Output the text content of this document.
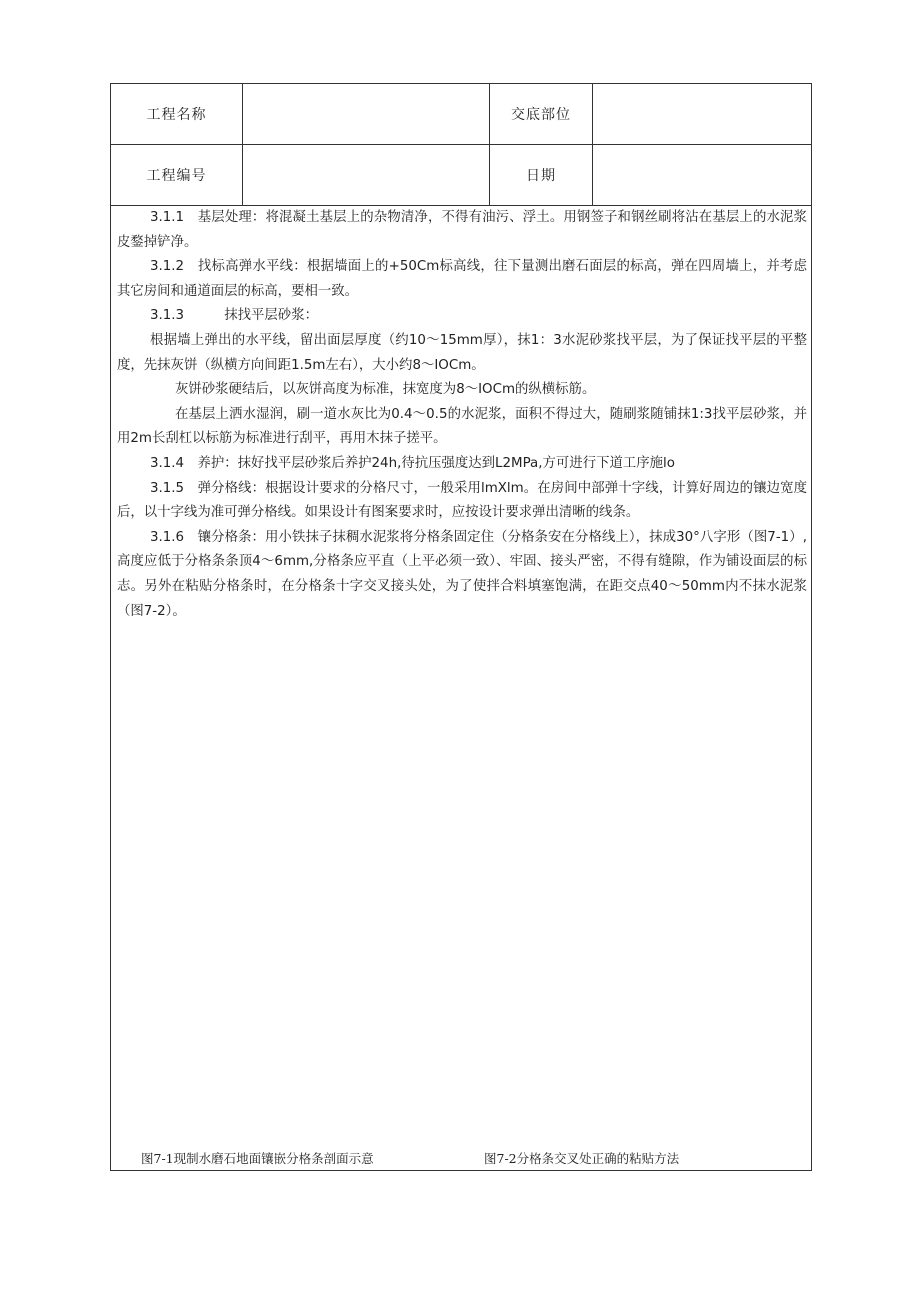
工程名称	交底部位
工程编号	日期

3.1.1　基层处理：将混凝土基层上的杂物清净，不得有油污、浮土。用钢签子和钢丝刷将沾在基层上的水泥浆皮鍪掉铲净。

3.1.2　找标高弹水平线：根据墙面上的+50Cm标高线，往下量测出磨石面层的标高，弹在四周墙上，并考虑其它房间和通道面层的标高，要相一致。

3.1.3　　　抹找平层砂浆：

根据墙上弹出的水平线，留出面层厚度（约10～15mm厚），抹1：3水泥砂浆找平层，为了保证找平层的平整度，先抹灰饼（纵横方向间距1.5m左右），大小约8～IOCm。

灰饼砂浆硬结后，以灰饼高度为标准，抹宽度为8～IOCm的纵横标筋。

在基层上洒水湿润，刷一道水灰比为0.4～0.5的水泥浆，面积不得过大，随刷浆随铺抹1:3找平层砂浆，并用2m长刮杠以标筋为标准进行刮平，再用木抹子搓平。

3.1.4　养护：抹好找平层砂浆后养护24h,待抗压强度达到L2MPa,方可进行下道工序施lo

3.1.5　弹分格线：根据设计要求的分格尺寸，一般采用lmXlm。在房间中部弹十字线，计算好周边的镶边宽度后，以十字线为准可弹分格线。如果设计有图案要求时，应按设计要求弹出清晰的线条。

3.1.6　镶分格条：用小铁抹子抹稠水泥浆将分格条固定住（分格条安在分格线上），抹成30°八字形（图7-1）,高度应低于分格条条顶4～6mm,分格条应平直（上平必须一致）、牢固、接头严密，不得有缝隙，作为铺设面层的标志。另外在粘贴分格条时，在分格条十字交叉接头处，为了使拌合料填塞饱满，在距交点40～50mm内不抹水泥浆（图7-2）。

图7-1现制水磨石地面镶嵌分格条剖面示意	图7-2分格条交叉处正确的粘贴方法
